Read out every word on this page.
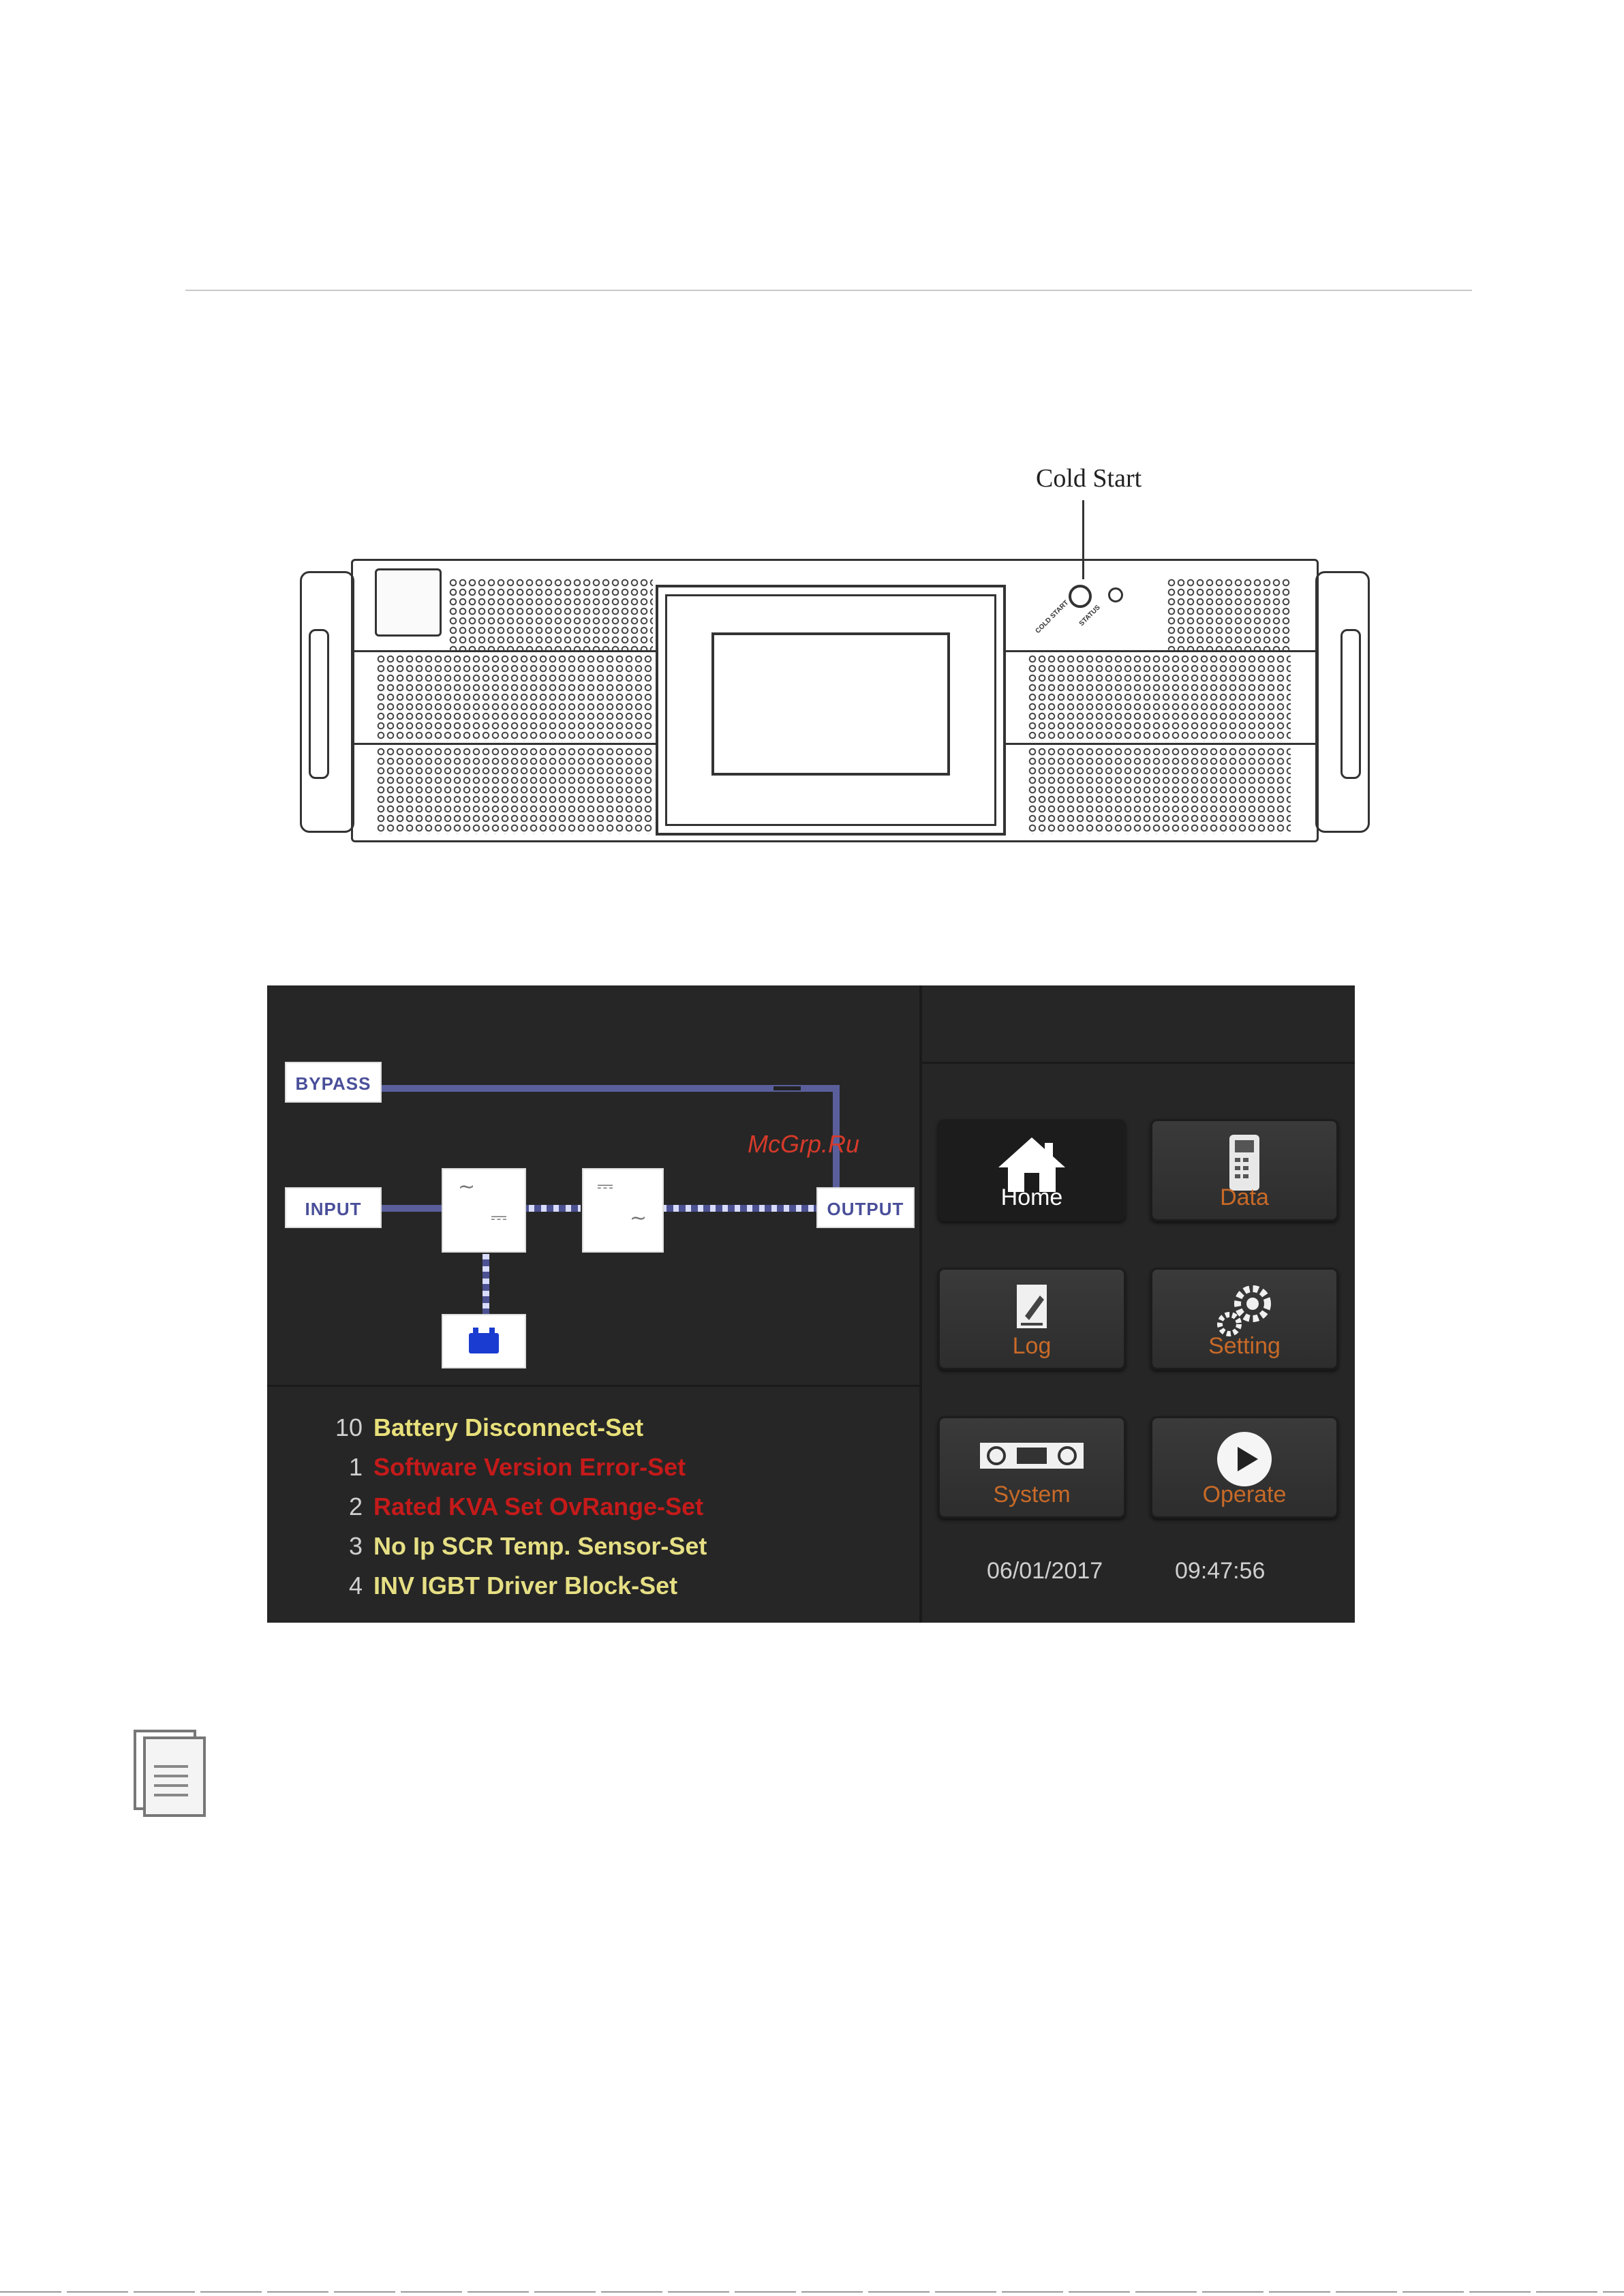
Cold Start
COLD START STATUS
BYPASS
INPUT	OUTPUT
∼
⎓
⎓
∼
McGrp.Ru
10 Battery Disconnect-Set
1 Software Version Error-Set
2 Rated KVA Set OvRange-Set
3 No Ip SCR Temp. Sensor-Set
4 INV IGBT Driver Block-Set
Home	Data
Log	Setting
System	Operate
06/01/2017	09:47:56
